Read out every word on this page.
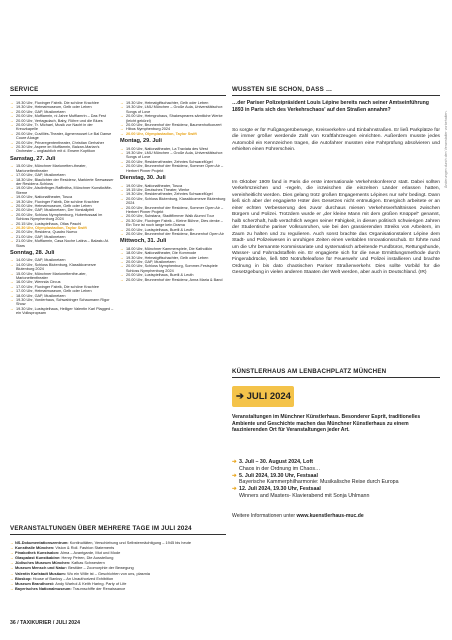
SERVICE
→ 19.30 Uhr, Fluxinger Fabrik. Die schöne Krachlee
→ 19.30 Uhr, Heimatmuseum, Gelb oder Leben
→ 20.00 Uhr, GAP, Musiknetzen
→ 20.00 Uhr, Mufflamrin, ni Jahre Mufflamrin – Das Fest
→ 20.00 Uhr, Vertagsdach, Baby, Röhre und die Blues
→ 20.00 Uhr, Tr. Michael, Musik zur Nacht in der Kreuzkapelle
→ 20.00 Uhr, Cuvilliés-Theater, Agmenrouset Le Bal Danse Coure Alosge
→ 20.00 Uhr, Prinzregententheater, Christian Gerhaher
→ 20.30 Uhr, Aspere im Mufflamrin, Balzan-Marian's Orchester – unglaublich mit d. Ensem Koptikon
Samstag, 27. Juli
→ 15.00 Uhr, Münchner Marionetten-theater, Marionettentheater
→ 17.00 Uhr, GAP, Musiknetzen
→ 18.30 Uhr, Blaulichter der Residenz, Markierte Seewasser der Residenz-Schloss
→ 19.00 Uhr, Alsdinfinger-Raffinitha, Münchner Kunstkräfte-Sterne
→ 19.00 Uhr, Nationaltheater, Tosca
→ 19.30 Uhr, Fluxinger Fabrik, Die schöne Krachlee
→ 20.00 Uhr, Heimatmuseum, Gelb oder Leben
→ 20.00 Uhr, GAP, Musiknetzen, Der Vorstallpfeil
→ 20.00 Uhr, Schloss Nymphenburg, Hubertussaal im Schloss Nymphenburg 2024
→ 20.15 Uhr, Lustspielhaus, Otlas Paschl
→ 20.30 Uhr, Olympiastadion, Taylor Swift
→ 20.00 Uhr, Residenz, Quadro Nuevo
→ 21.00 Uhr, GAP, Musiknetzen
→ 21.00 Uhr, Mufflamrin, Casa Noche Latina – Balastu At. Stars
Sonntag, 28. Juli
→ 14.00 Uhr, GAP, Musiknetzen
→ 14.00 Uhr, Schloss Blutenburg, Klassikkomerze Blutenburg 2024
→ 15.00 Uhr, Münchner Marionettenthe-ater, Marionettentheater
→ 16.00 Uhr, Wennda Circus
→ 17.00 Uhr, Fluxinger Fabrik, Die schöne Krachlee
→ 17.00 Uhr, Heimatmuseum, Gelb oder Leben
→ 18.00 Uhr, GAP, Musiknetzen
→ 19.30 Uhr, Vorderhaus, Schwabinger Schaumann Rigor Show
→ 19.30 Uhr, Lustspielhaus, Heiliger Valentin Karl Plagged – ein Volkspropsam
→ 19.30 Uhr, Heimatgiftschachter, Gelb oder Leben
→ 19.30 Uhr, LMU München – Große Aula, Universitätschor: Songs of Love
→ 20.00 Uhr, Heimgruhaus, Shakespeares sämtliche Werke (leicht gekürzt)
→ 20.00 Uhr, Brunnenhof der Residenz, Baumenhofkonzert
→ Hibos Nymphenburg 2024
→ 20.00 Uhr, Olympiastadion, Taylor Swift
Montag, 29. Juli
→ 19.00 Uhr, Nationaltheater, La Traviata des West
→ 19.30 Uhr, LMU München – Große Aula, Universitätschor: Songs of Love
→ 20.00 Uhr, Residenztheater, Zehntes Schwarzflügel
→ 20.00 Uhr, Brunnenhof der Residenz, Sommer Open Air – Herbert Pixner Projekt
Dienstag, 30. Juli
→ 19.00 Uhr, Nationaltheater, Tosca
→ 19.15 Uhr, Deutsches Theater, Werke
→ 19.30 Uhr, Residenztheater, Zehntes Schwarzflügel
→ 20.00 Uhr, Schloss Blutenburg, Klassikkomerze Blutenburg 2024
→ 20.00 Uhr, Brunnenhof der Residenz, Sommer Open Air – Herbert Pixner Projekt
→ 20.00 Uhr, Substanz, Stadtflimmer Walk Alumni Tour
→ 20.30 Uhr, Fluxinger Fabrik – Kleine Bühne, Dies denke – Ein Tonr ist noch lange kein Drama
→ 20.00 Uhr, Lustspielhaus, Buetli & Leuth
→ 20.00 Uhr, Brunnenhof der Residenz, Beunenhof Open Air
Mittwoch, 31. Juli
→ 18.00 Uhr, Münchner Kammerspiele, Die Katholikin
→ 18.00 Uhr, Nationaltheater, Die Kommode
→ 19.30 Uhr, Heimatgiftschachter, Gelb oder Leben
→ 20.00 Uhr, GAP, Musiknetzen
→ 20.00 Uhr, Schloss Nymphenburg, Sommer-Festspiele Schloss Nymphenburg 2024
→ 20.00 Uhr, Lustspielhaus, Buetli & Leuth
→ 20.00 Uhr, Brunnenhof der Residenz, Anna Maria & Band
WUSSTEN SIE SCHON, DASS …
…der Pariser Polizeipräsident Louis Lépine bereits nach seiner Amtseinführung 1893 in Paris sich des Verkehrschaos' auf den Straßen annahm?
So sorgte er für Fußgängerüberwege, Kreisverkehre und Einbahnstraßen. Er ließ Parkplätze für die immer größer werdende Zahl von Kraftfahrzeugen einrichten. Außerdem musste jedes Automobil ein Kennzeichen tragen, die Autofahrer mussten eine Fahrprüfung absolvieren und erhielten einen Führerschein.
Im Oktober 1909 fand in Paris die erste internationale Verkehrskonferenz statt. Dabei sollten Verkehrszeichen und -regeln, die inzwischen die einzelnen Länder erlassen hatten, vereinheitlicht werden. Dies gelang trotz großen Engagements Lépines nur sehr bedingt. Dann ließ sich aber der engagierte Hüter des Gesetzes nicht entmutigen. Energisch arbeitete er an einer echten Verbesserung des zuvor durchaus miesen Verkehrsverhältnisses zwischen Bürgern und Polizei. Trotzdem wurde er „der kleine Mann mit dem großen Knüppel“ genannt, halb scherzhaft, halb verächtlich wegen seiner Fähigkeit, in diesen politisch schwierigen Jahren der Studentische pariser Volksunruhen, wie bei den grassierenden Streiks von Arbeitern, im Zaum zu halten und zu regulieren. Auch sonst brachte das Organisationstalent Lépine dem Stadt- und Polizeiwesen in unruhigen Zeiten einen veritablen Innovationsschub. Er führte rund um die Uhr bemannte Kommissariate und systematisch arbeitende Fundbüros, Rettungshunde, Wasser- und Fahrradstaffeln ein. Er engagierte sich für die neue Ermittlungsmethode durch Fingerabdrücke, ließ 500 Notrufteleafone für Feuerwehr und Polizei installieren und brachte Ordnung in bis dato chaotischen Pariser Straßenverkehr. Dies sollte Vorbild für die Gesetzgebung in vielen anderen Staaten der Welt werden, aber auch in Deutschland. (IR)
KÜNSTLERHAUS AM LENBACHPLATZ MÜNCHEN
➔ JULI 2024
Veranstaltungen im Münchner Künstlerhaus. Besonderer Esprit, traditionelles Ambiente und Geschichte machen das Münchner Künstlerhaus zu einem faszinierenden Ort für Veranstaltungen jeder Art.
➔ 3. Juli – 30. August 2024, Loft
Chaos in der Ordnung im Chaos…
➔ 5. Juli 2024, 19.30 Uhr, Festsaal
Bayerische Kammerphilharmonie: Musikalische Reise durch Europa
➔ 12. Juli 2024, 19.30 Uhr, Festsaal
Winners and Masters- Klavierabend mit Sonja Uhlmann
Weitere Informationen unter www.kuenstlerhaus-muc.de
VERANSTALTUNGEN ÜBER MEHRERE TAGE IM JULI 2024
→ NS-Dokumentationszentrum: Kontinuitäten, Verschiebung und Selbstermächtigung – 1945 bis heute
→ Kunsthalle München: Vision & Roll. Fashion Statements
→ Pinakothek Kunstsalon: Alma – Avantgarde, Mut und Mode
→ Glaspalast Kunstkabine: Henry Petren, Die Ausstellung
→ Jüdisches Museum München: Kafkas Schwestern
→ Museum Mensch und Natur: Bestiäre – Zoomorphie der Bewegung
→ Valentin Karlstadt Musäum: Wo ein Wille ist – Geschichten von uns, plasmia
→ Bioskop: House of Banksy – An Unauthorized Exhibition
→ Museum Brandhorst: Andy Warhol & Keith Haring. Party of Life
→ Bayerisches Nationalmuseum: Traumschiffe der Renaissance
36 / TAXIKURIER / JULI 2024
Änderungen durch den Veranstalter vorbehalten.
